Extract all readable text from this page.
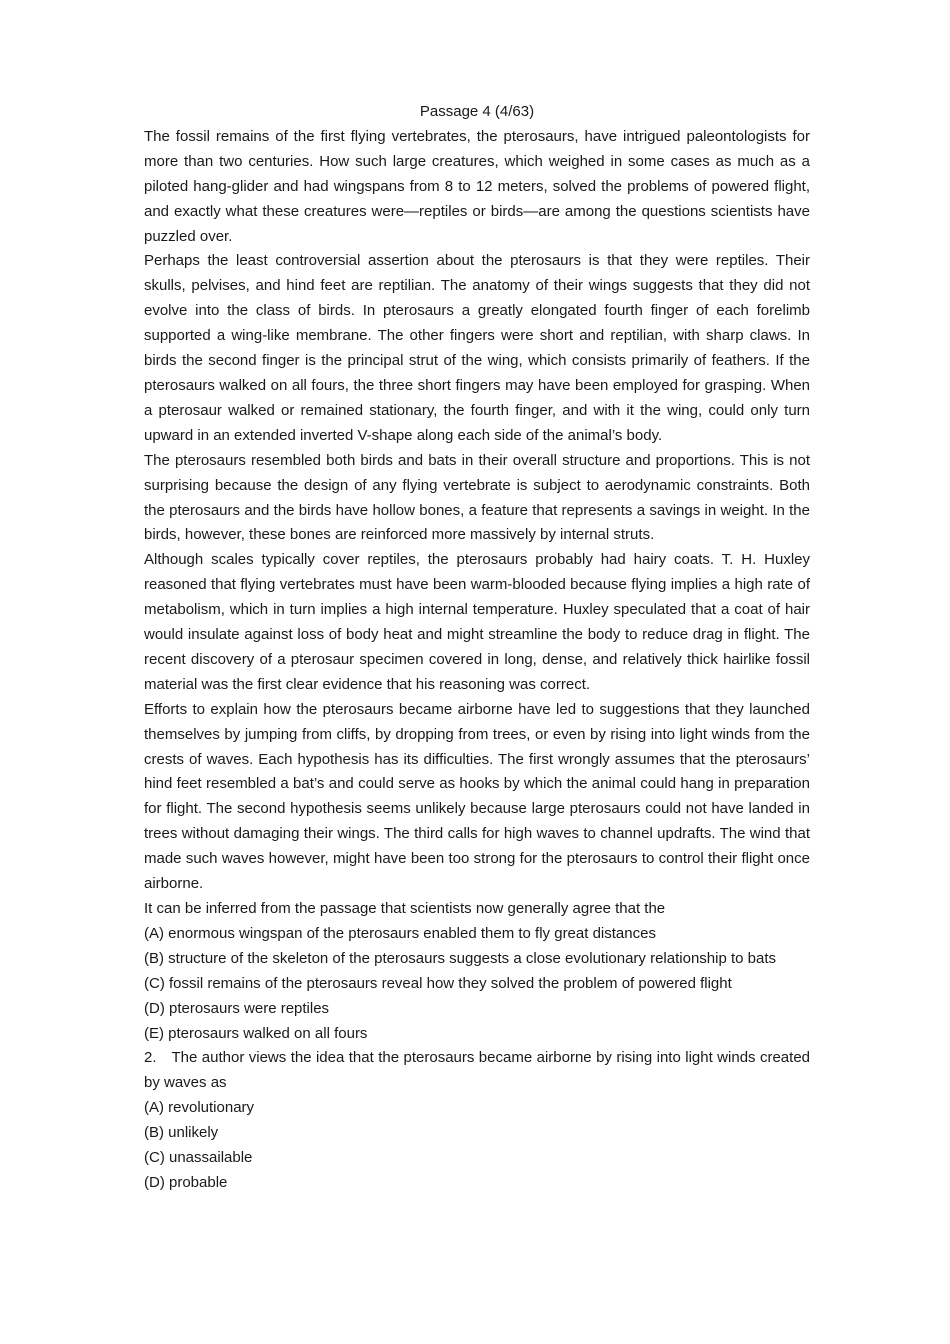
Passage 4 (4/63)

The fossil remains of the first flying vertebrates, the pterosaurs, have intrigued paleontologists for more than two centuries. How such large creatures, which weighed in some cases as much as a piloted hang-glider and had wingspans from 8 to 12 meters, solved the problems of powered flight, and exactly what these creatures were—reptiles or birds—are among the questions scientists have puzzled over.

Perhaps the least controversial assertion about the pterosaurs is that they were reptiles. Their skulls, pelvises, and hind feet are reptilian. The anatomy of their wings suggests that they did not evolve into the class of birds. In pterosaurs a greatly elongated fourth finger of each forelimb supported a wing-like membrane. The other fingers were short and reptilian, with sharp claws. In birds the second finger is the principal strut of the wing, which consists primarily of feathers. If the pterosaurs walked on all fours, the three short fingers may have been employed for grasping. When a pterosaur walked or remained stationary, the fourth finger, and with it the wing, could only turn upward in an extended inverted V-shape along each side of the animal’s body.

The pterosaurs resembled both birds and bats in their overall structure and proportions. This is not surprising because the design of any flying vertebrate is subject to aerodynamic constraints. Both the pterosaurs and the birds have hollow bones, a feature that represents a savings in weight. In the birds, however, these bones are reinforced more massively by internal struts.

Although scales typically cover reptiles, the pterosaurs probably had hairy coats. T. H. Huxley reasoned that flying vertebrates must have been warm-blooded because flying implies a high rate of metabolism, which in turn implies a high internal temperature. Huxley speculated that a coat of hair would insulate against loss of body heat and might streamline the body to reduce drag in flight. The recent discovery of a pterosaur specimen covered in long, dense, and relatively thick hairlike fossil material was the first clear evidence that his reasoning was correct.

Efforts to explain how the pterosaurs became airborne have led to suggestions that they launched themselves by jumping from cliffs, by dropping from trees, or even by rising into light winds from the crests of waves. Each hypothesis has its difficulties. The first wrongly assumes that the pterosaurs’ hind feet resembled a bat’s and could serve as hooks by which the animal could hang in preparation for flight. The second hypothesis seems unlikely because large pterosaurs could not have landed in trees without damaging their wings. The third calls for high waves to channel updrafts. The wind that made such waves however, might have been too strong for the pterosaurs to control their flight once airborne.

It can be inferred from the passage that scientists now generally agree that the

(A) enormous wingspan of the pterosaurs enabled them to fly great distances

(B) structure of the skeleton of the pterosaurs suggests a close evolutionary relationship to bats

(C) fossil remains of the pterosaurs reveal how they solved the problem of powered flight

(D) pterosaurs were reptiles

(E) pterosaurs walked on all fours

2. The author views the idea that the pterosaurs became airborne by rising into light winds created by waves as

(A) revolutionary

(B) unlikely

(C) unassailable

(D) probable
